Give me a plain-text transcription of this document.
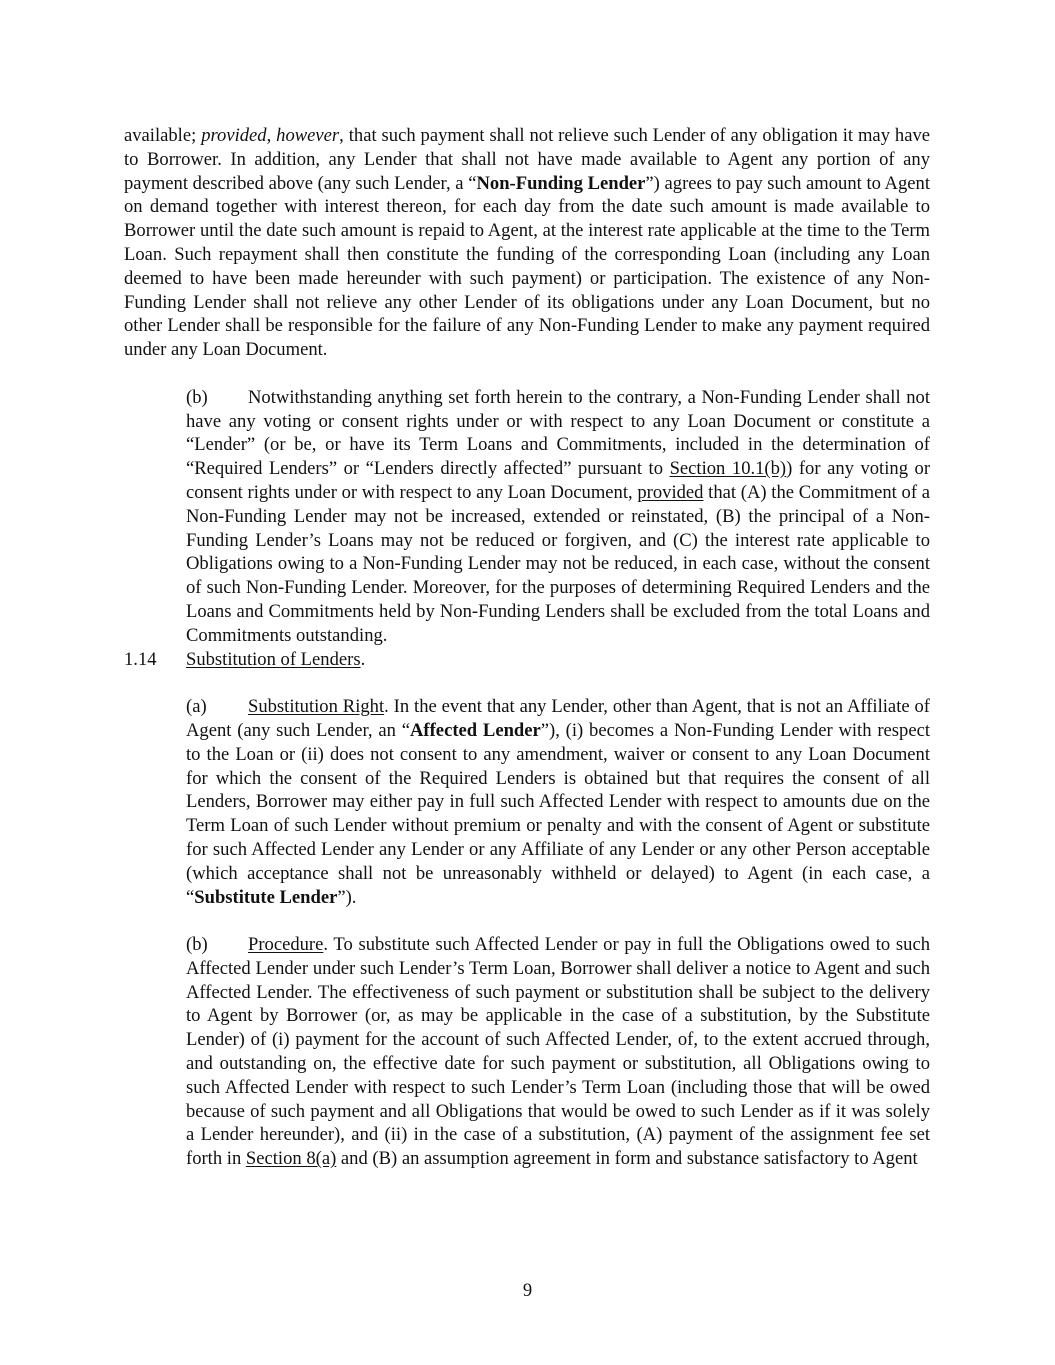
available; provided, however, that such payment shall not relieve such Lender of any obligation it may have to Borrower. In addition, any Lender that shall not have made available to Agent any portion of any payment described above (any such Lender, a “Non-Funding Lender”) agrees to pay such amount to Agent on demand together with interest thereon, for each day from the date such amount is made available to Borrower until the date such amount is repaid to Agent, at the interest rate applicable at the time to the Term Loan. Such repayment shall then constitute the funding of the corresponding Loan (including any Loan deemed to have been made hereunder with such payment) or participation. The existence of any Non-Funding Lender shall not relieve any other Lender of its obligations under any Loan Document, but no other Lender shall be responsible for the failure of any Non-Funding Lender to make any payment required under any Loan Document.

(b) Notwithstanding anything set forth herein to the contrary, a Non-Funding Lender shall not have any voting or consent rights under or with respect to any Loan Document or constitute a “Lender” (or be, or have its Term Loans and Commitments, included in the determination of “Required Lenders” or “Lenders directly affected” pursuant to Section 10.1(b)) for any voting or consent rights under or with respect to any Loan Document, provided that (A) the Commitment of a Non-Funding Lender may not be increased, extended or reinstated, (B) the principal of a Non-Funding Lender’s Loans may not be reduced or forgiven, and (C) the interest rate applicable to Obligations owing to a Non-Funding Lender may not be reduced, in each case, without the consent of such Non-Funding Lender. Moreover, for the purposes of determining Required Lenders and the Loans and Commitments held by Non-Funding Lenders shall be excluded from the total Loans and Commitments outstanding.

1.14 Substitution of Lenders.

(a) Substitution Right. In the event that any Lender, other than Agent, that is not an Affiliate of Agent (any such Lender, an “Affected Lender”), (i) becomes a Non-Funding Lender with respect to the Loan or (ii) does not consent to any amendment, waiver or consent to any Loan Document for which the consent of the Required Lenders is obtained but that requires the consent of all Lenders, Borrower may either pay in full such Affected Lender with respect to amounts due on the Term Loan of such Lender without premium or penalty and with the consent of Agent or substitute for such Affected Lender any Lender or any Affiliate of any Lender or any other Person acceptable (which acceptance shall not be unreasonably withheld or delayed) to Agent (in each case, a “Substitute Lender”).

(b) Procedure. To substitute such Affected Lender or pay in full the Obligations owed to such Affected Lender under such Lender’s Term Loan, Borrower shall deliver a notice to Agent and such Affected Lender. The effectiveness of such payment or substitution shall be subject to the delivery to Agent by Borrower (or, as may be applicable in the case of a substitution, by the Substitute Lender) of (i) payment for the account of such Affected Lender, of, to the extent accrued through, and outstanding on, the effective date for such payment or substitution, all Obligations owing to such Affected Lender with respect to such Lender’s Term Loan (including those that will be owed because of such payment and all Obligations that would be owed to such Lender as if it was solely a Lender hereunder), and (ii) in the case of a substitution, (A) payment of the assignment fee set forth in Section 8(a) and (B) an assumption agreement in form and substance satisfactory to Agent

9
